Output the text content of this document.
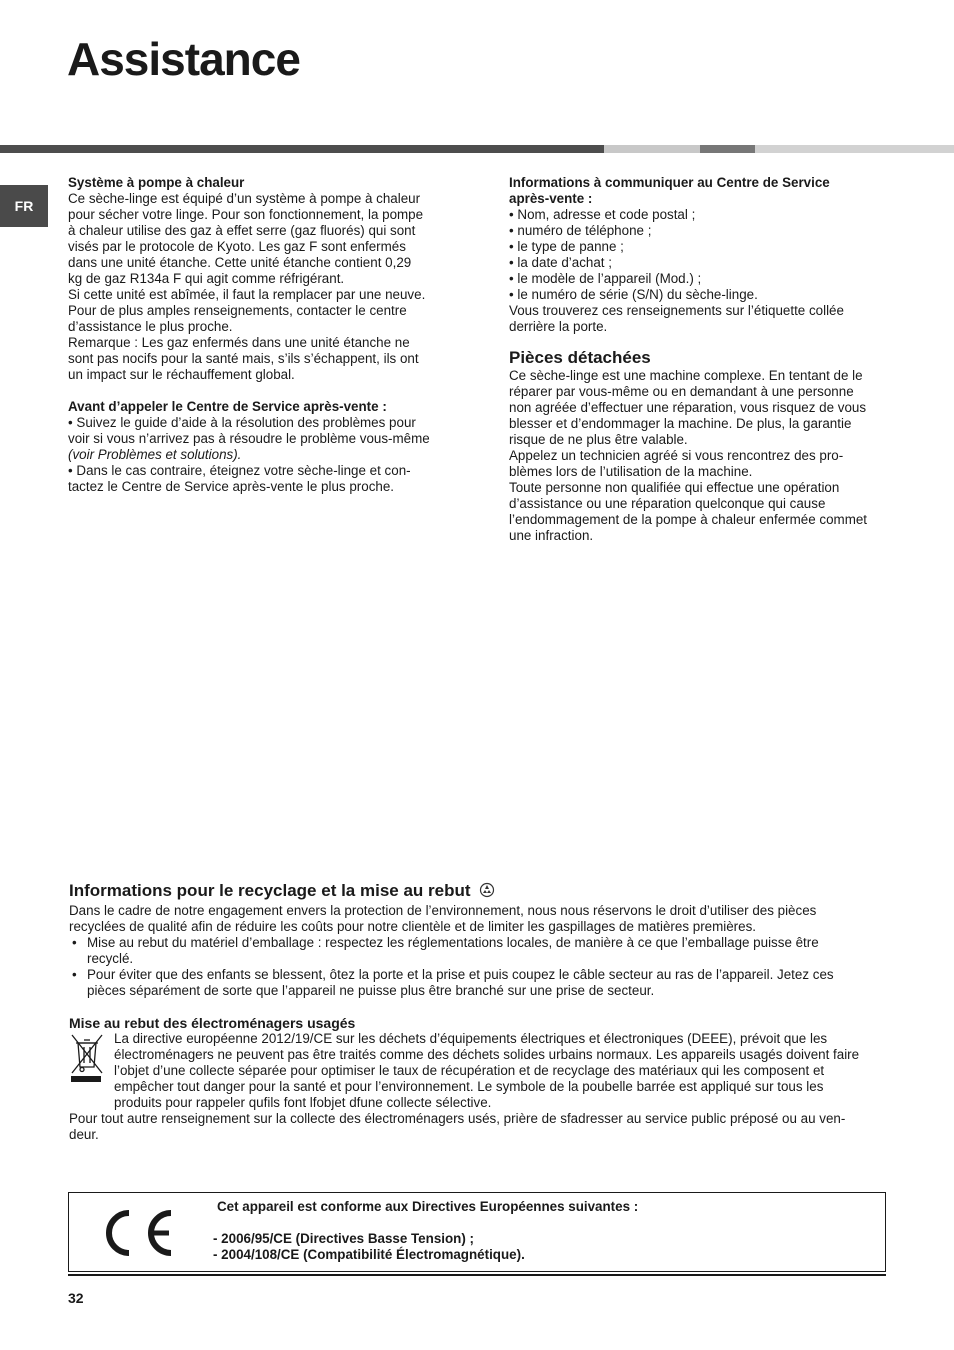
Assistance
FR

Système à pompe à chaleur

Ce sèche-linge est équipé d’un système à pompe à chaleur

pour sécher votre linge. Pour son fonctionnement, la pompe

à chaleur utilise des gaz à effet serre (gaz fluorés) qui sont

visés par le protocole de Kyoto. Les gaz F sont enfermés

dans une unité étanche. Cette unité étanche contient 0,29

kg de gaz R134a F qui agit comme réfrigérant.

Si cette unité est abîmée, il faut la remplacer par une neuve.

Pour de plus amples renseignements, contacter le centre

d’assistance le plus proche.

Remarque : Les gaz enfermés dans une unité étanche ne

sont pas nocifs pour la santé mais, s’ils s’échappent, ils ont

un impact sur le réchauffement global.

Avant d’appeler le Centre de Service après-vente :

• Suivez le guide d’aide à la résolution des problèmes pour

voir si vous n’arrivez pas à résoudre le problème vous-même

(voir Problèmes et solutions).

• Dans le cas contraire, éteignez votre sèche-linge et con-

tactez le Centre de Service après-vente le plus proche.

Informations à communiquer au Centre de Service

après-vente :

• Nom, adresse et code postal ;

• numéro de téléphone ;

• le type de panne ;

• la date d’achat ;

• le modèle de l’appareil (Mod.) ;

• le numéro de série (S/N) du sèche-linge.

Vous trouverez ces renseignements sur l’étiquette collée

derrière la porte.

Pièces détachées

Ce sèche-linge est une machine complexe. En tentant de le

réparer par vous-même ou en demandant à une personne

non agréée d’effectuer une réparation, vous risquez de vous

blesser et d’endommager la machine. De plus, la garantie

risque de ne plus être valable.

Appelez un technicien agréé si vous rencontrez des pro-

blèmes lors de l’utilisation de la machine.

Toute personne non qualifiée qui effectue une opération

d’assistance ou une réparation quelconque qui cause

l’endommagement de la pompe à chaleur enfermée commet

une infraction.

Informations pour le recyclage et la mise au rebut

Dans le cadre de notre engagement envers la protection de l’environnement, nous nous réservons le droit d’utiliser des pièces

recyclées de qualité afin de réduire les coûts pour notre clientèle et de limiter les gaspillages de matières premières.

• Mise au rebut du matériel d’emballage : respectez les réglementations locales, de manière à ce que l’emballage puisse être

recyclé.

• Pour éviter que des enfants se blessent, ôtez la porte et la prise et puis coupez le câble secteur au ras de l’appareil. Jetez ces

pièces séparément de sorte que l’appareil ne puisse plus être branché sur une prise de secteur.

Mise au rebut des électroménagers usagés

La directive européenne 2012/19/CE sur les déchets d’équipements électriques et électroniques (DEEE), prévoit que les

électroménagers ne peuvent pas être traités comme des déchets solides urbains normaux. Les appareils usagés doivent faire

l’objet d’une collecte séparée pour optimiser le taux de récupération et de recyclage des matériaux qui les composent et

empêcher tout danger pour la santé et pour l’environnement. Le symbole de la poubelle barrée est appliqué sur tous les

produits pour rappeler qufils font lfobjet dfune collecte sélective.

Pour tout autre renseignement sur la collecte des électroménagers usés, prière de sfadresser au service public préposé ou au ven-

deur.

Cet appareil est conforme aux Directives Européennes suivantes :

- 2006/95/CE (Directives Basse Tension) ;

- 2004/108/CE (Compatibilité Électromagnétique).

32
